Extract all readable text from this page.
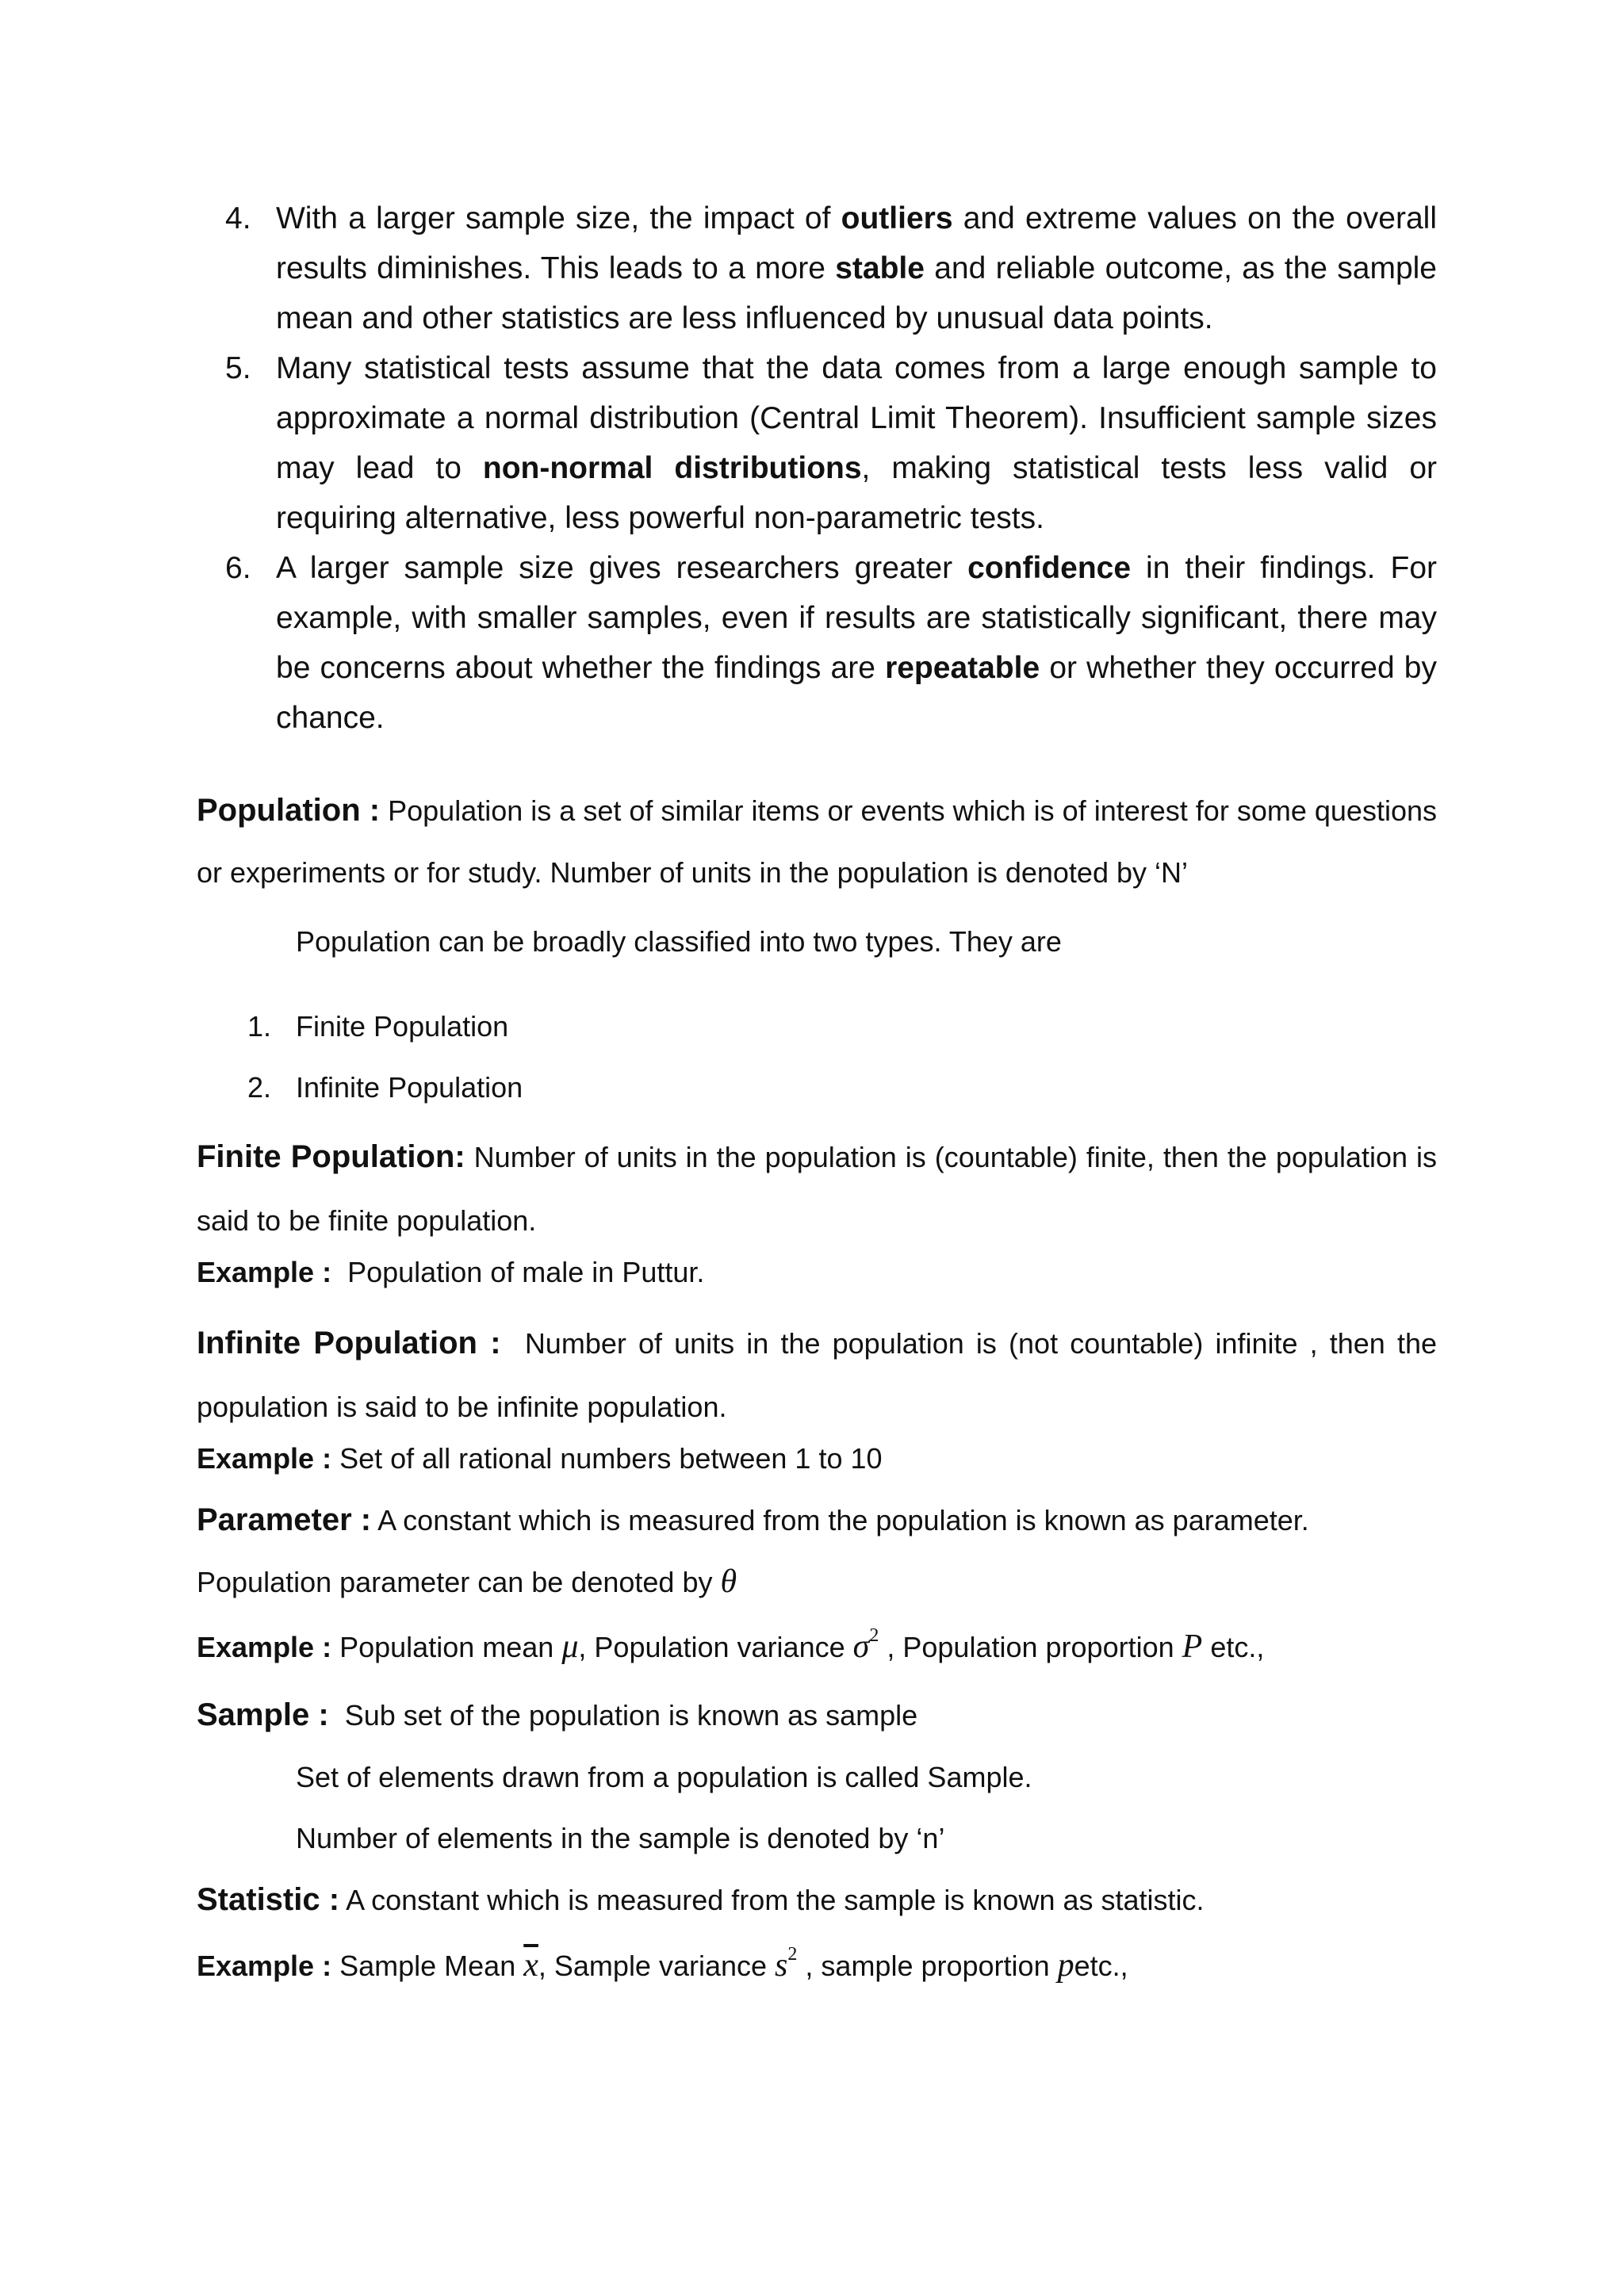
4. With a larger sample size, the impact of outliers and extreme values on the overall results diminishes. This leads to a more stable and reliable outcome, as the sample mean and other statistics are less influenced by unusual data points.
5. Many statistical tests assume that the data comes from a large enough sample to approximate a normal distribution (Central Limit Theorem). Insufficient sample sizes may lead to non-normal distributions, making statistical tests less valid or requiring alternative, less powerful non-parametric tests.
6. A larger sample size gives researchers greater confidence in their findings. For example, with smaller samples, even if results are statistically significant, there may be concerns about whether the findings are repeatable or whether they occurred by chance.
Population : Population is a set of similar items or events which is of interest for some questions or experiments or for study. Number of units in the population is denoted by ‘N’
Population can be broadly classified into two types. They are
1. Finite Population
2. Infinite Population
Finite Population: Number of units in the population is (countable) finite, then the population is said to be finite population.
Example : Population of male in Puttur.
Infinite Population : Number of units in the population is (not countable) infinite , then the population is said to be infinite population.
Example : Set of all rational numbers between 1 to 10
Parameter : A constant which is measured from the population is known as parameter.
Population parameter can be denoted by θ
Example : Population mean μ, Population variance $\sigma^2$ , Population proportion P etc.,
Sample : Sub set of the population is known as sample
Set of elements drawn from a population is called Sample.
Number of elements in the sample is denoted by ‘n’
Statistic : A constant which is measured from the sample is known as statistic.
Example : Sample Mean $\overline{x}$, Sample variance $s^2$ , sample proportion petc.,
